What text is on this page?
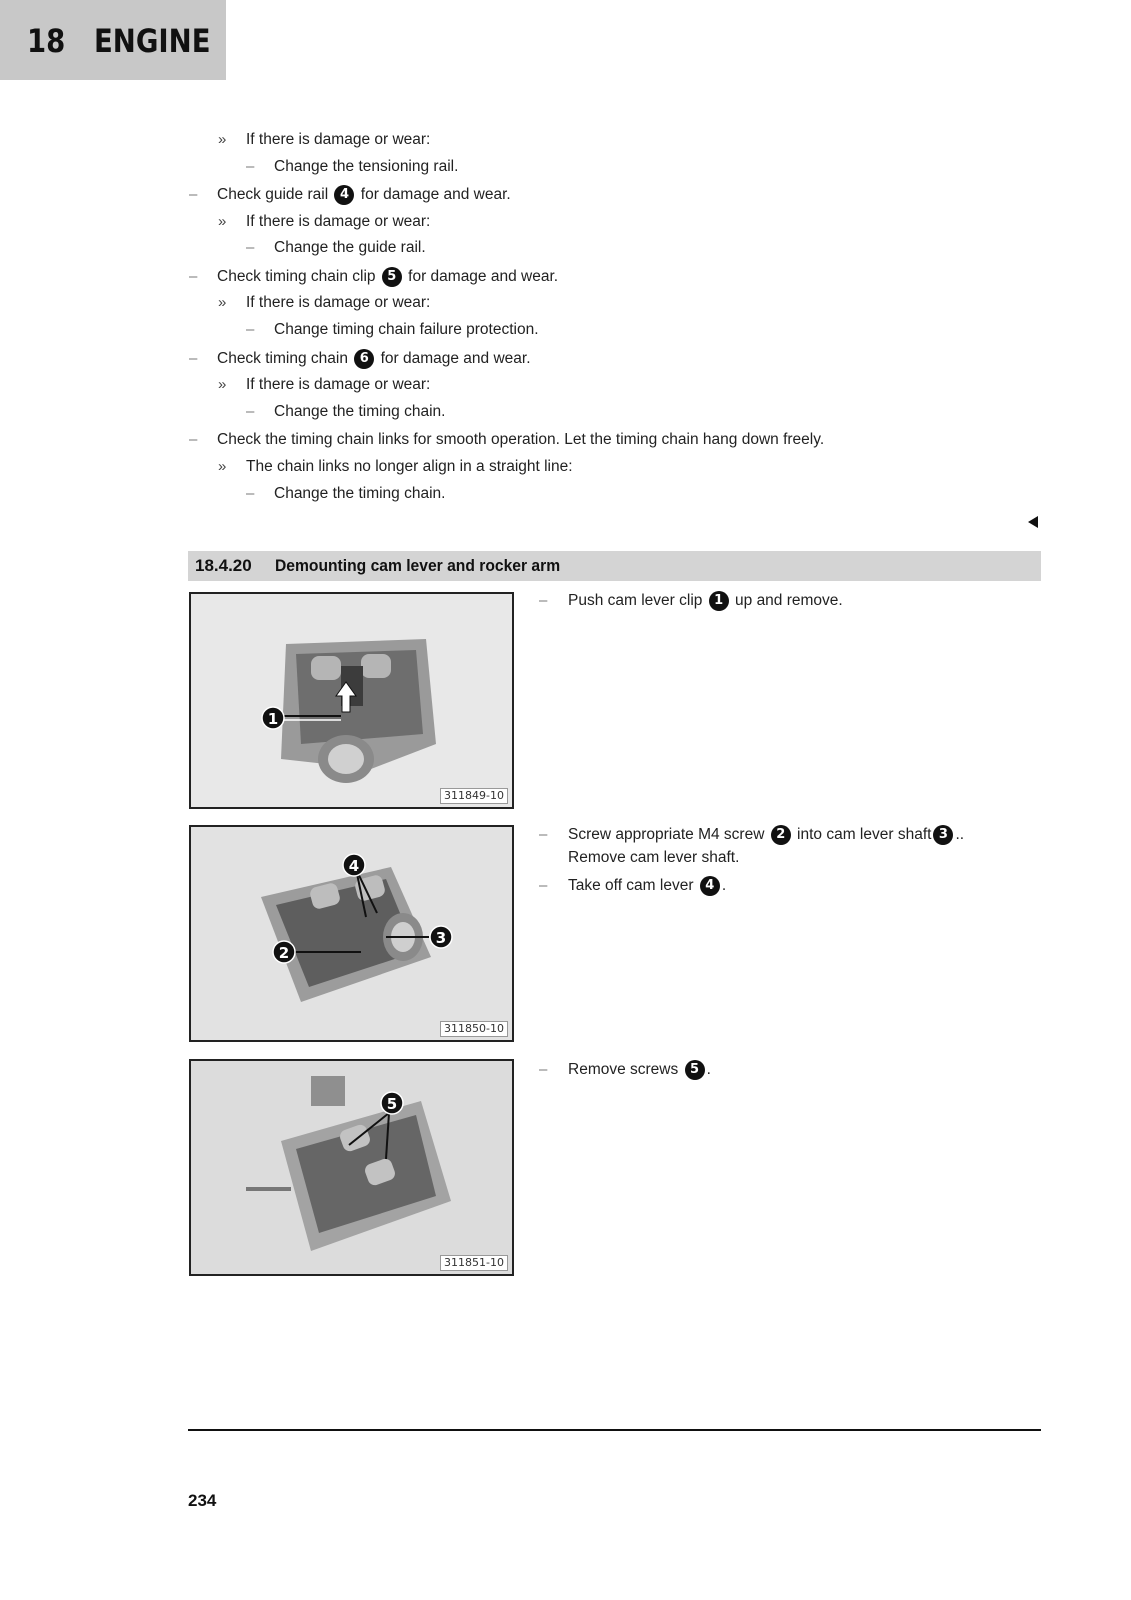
18 ENGINE
» If there is damage or wear:
– Change the tensioning rail.
– Check guide rail 4 for damage and wear.
» If there is damage or wear:
– Change the guide rail.
– Check timing chain clip 5 for damage and wear.
» If there is damage or wear:
– Change timing chain failure protection.
– Check timing chain 6 for damage and wear.
» If there is damage or wear:
– Change the timing chain.
– Check the timing chain links for smooth operation. Let the timing chain hang down freely.
» The chain links no longer align in a straight line:
– Change the timing chain.
18.4.20 Demounting cam lever and rocker arm
1
311849-10
4
3
2
311850-10
5
311851-10
– Push cam lever clip 1 up and remove.
– Screw appropriate M4 screw 2 into cam lever shaft 3 ..
Remove cam lever shaft.
– Take off cam lever 4 .
– Remove screws 5 .
234
